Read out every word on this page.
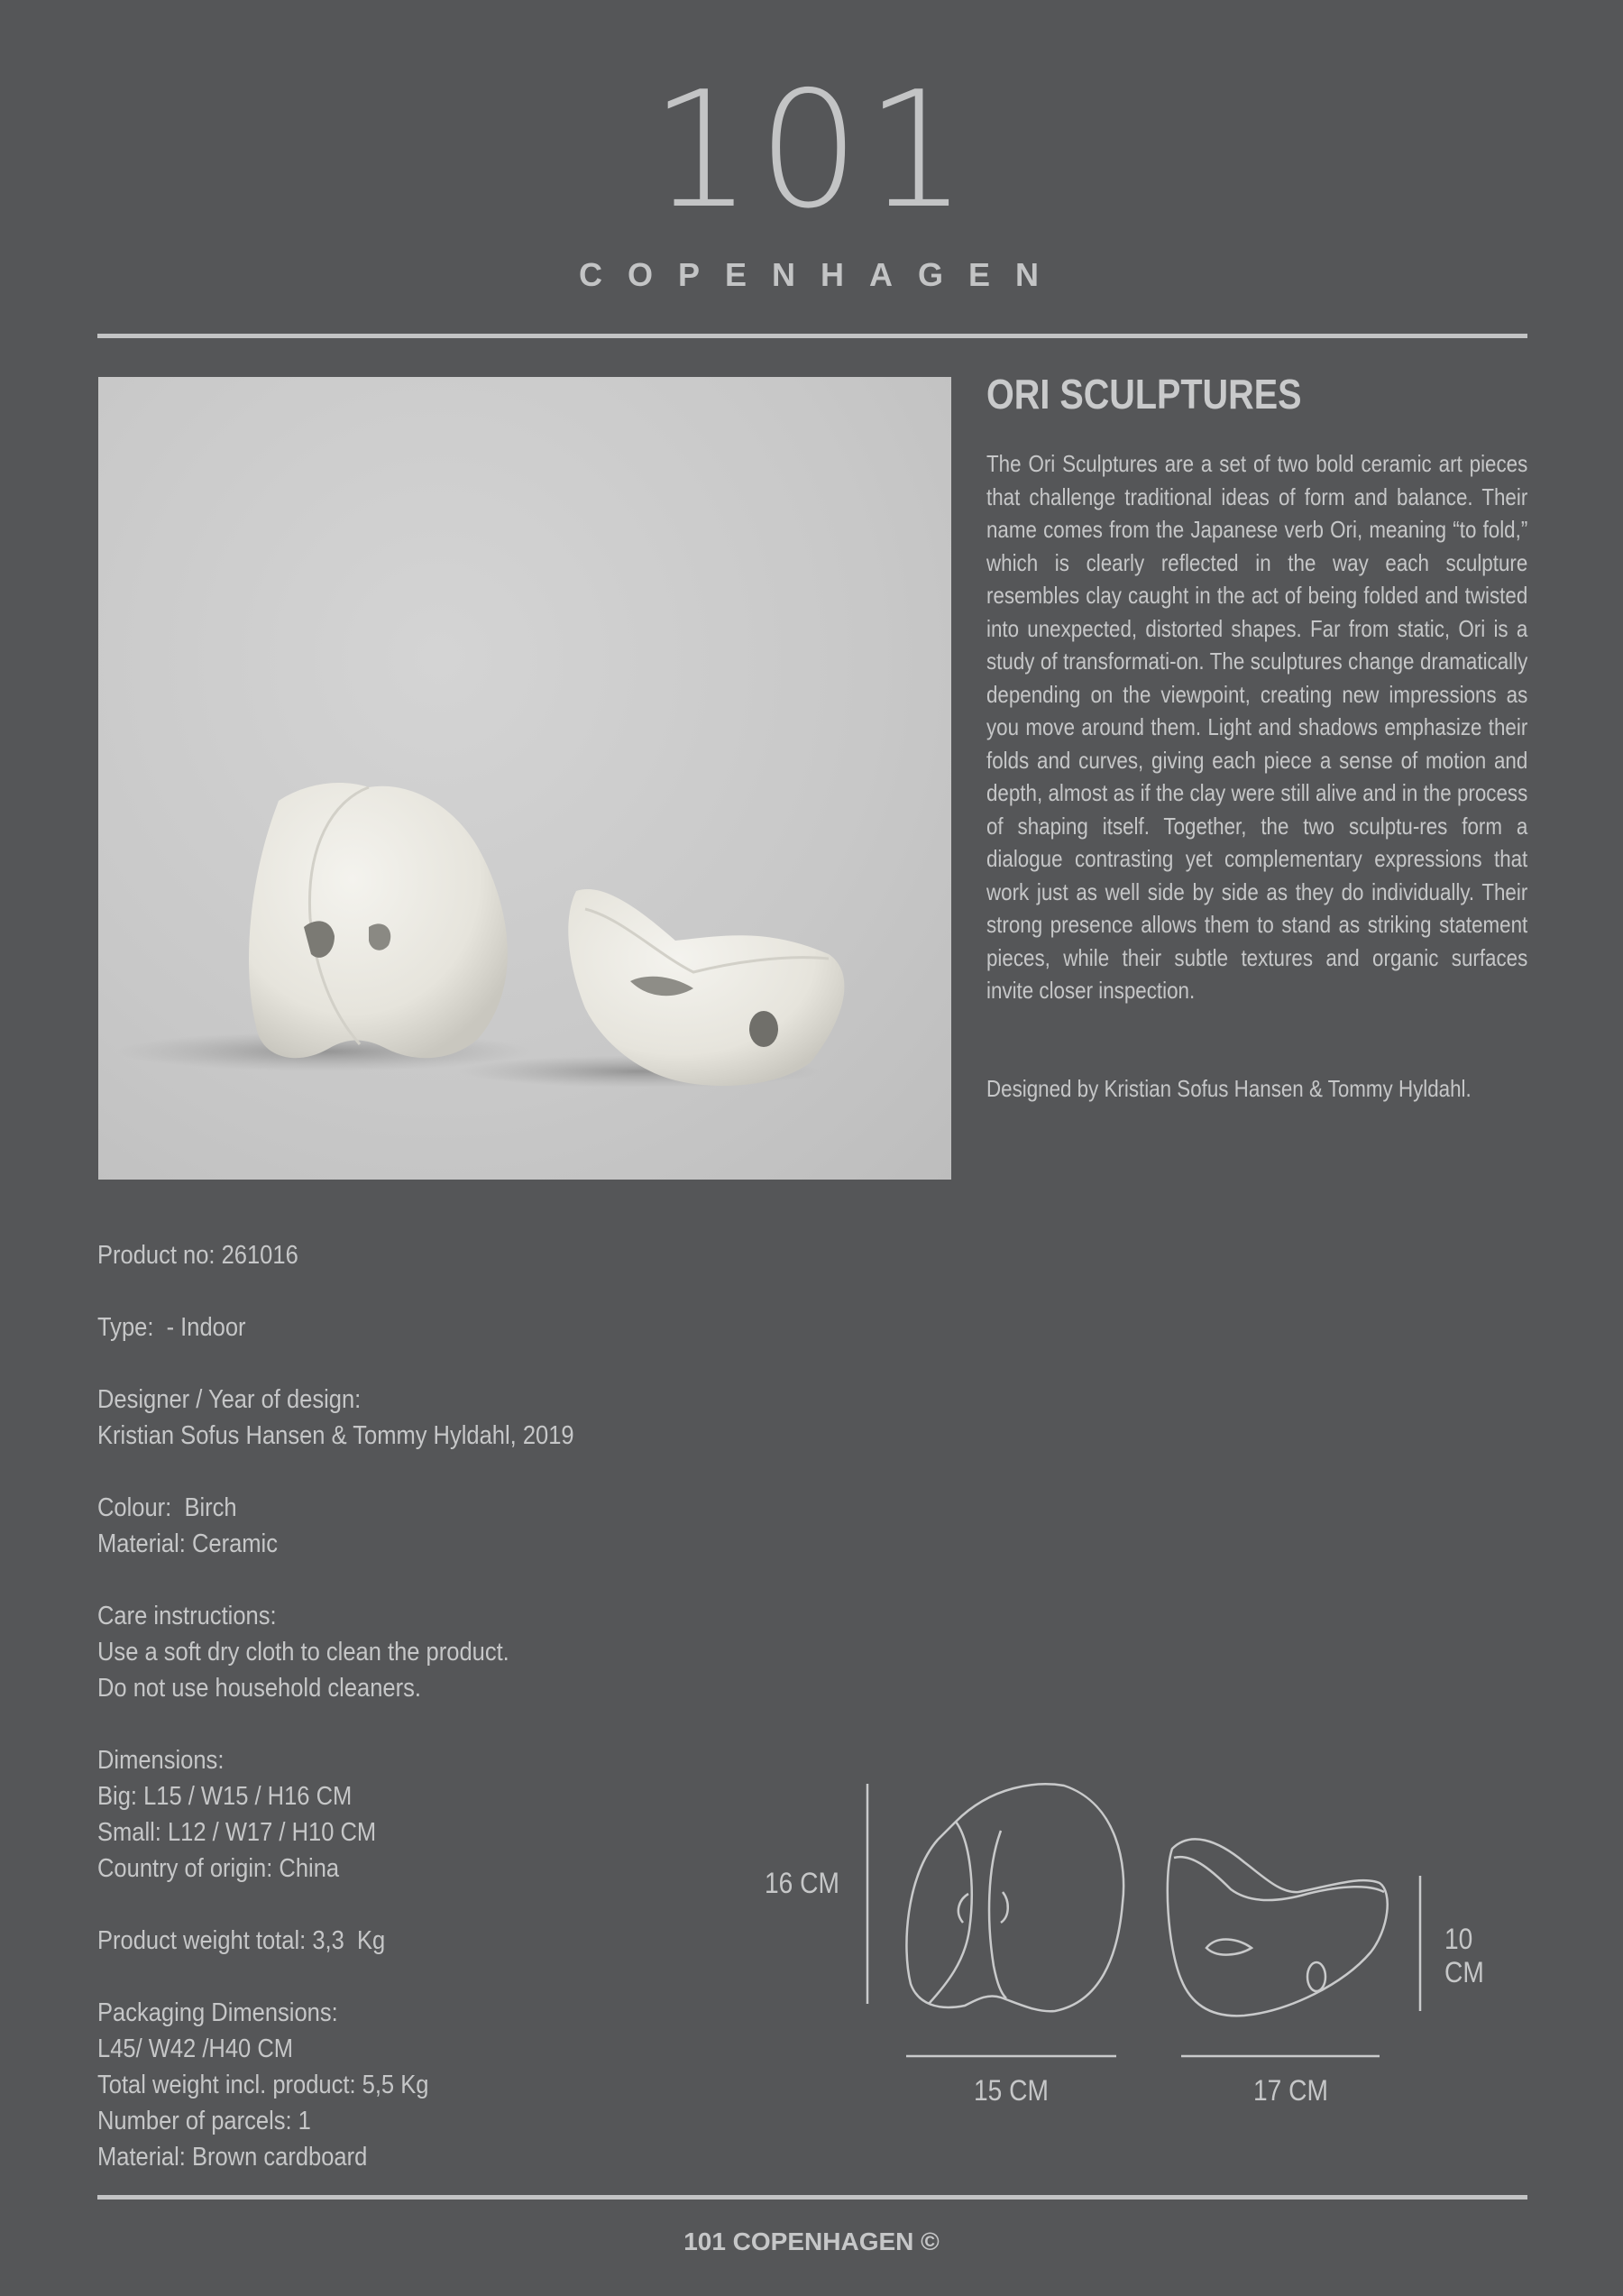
101
COPENHAGEN
ORI SCULPTURES
The Ori Sculptures are a set of two bold ceramic art pieces that challenge traditional ideas of form and balance. Their name comes from the Japanese verb Ori, meaning “to fold,” which is clearly reflected in the way each sculpture resembles clay caught in the act of being folded and twisted into unexpected, distorted shapes. Far from static, Ori is a study of transformati-on. The sculptures change dramatically depending on the viewpoint, creating new impressions as you move around them. Light and shadows emphasize their folds and curves, giving each piece a sense of motion and depth, almost as if the clay were still alive and in the process of shaping itself. Together, the two sculptu-res form a dialogue contrasting yet complementary expressions that work just as well side by side as they do individually. Their strong presence allows them to stand as striking statement pieces, while their subtle textures and organic surfaces invite closer inspection.
Designed by Kristian Sofus Hansen & Tommy Hyldahl.
Product no: 261016
Type:  - Indoor
Designer / Year of design:
Kristian Sofus Hansen & Tommy Hyldahl, 2019
Colour:  Birch
Material: Ceramic
Care instructions:
Use a soft dry cloth to clean the product.
Do not use household cleaners.
Dimensions:
Big: L15 / W15 / H16 CM
Small: L12 / W17 / H10 CM
Country of origin: China
Product weight total: 3,3  Kg
Packaging Dimensions:
L45/ W42 /H40 CM
Total weight incl. product: 5,5 Kg
Number of parcels: 1
Material: Brown cardboard
16 CM
15 CM
10 CM
17 CM
101 COPENHAGEN ©
